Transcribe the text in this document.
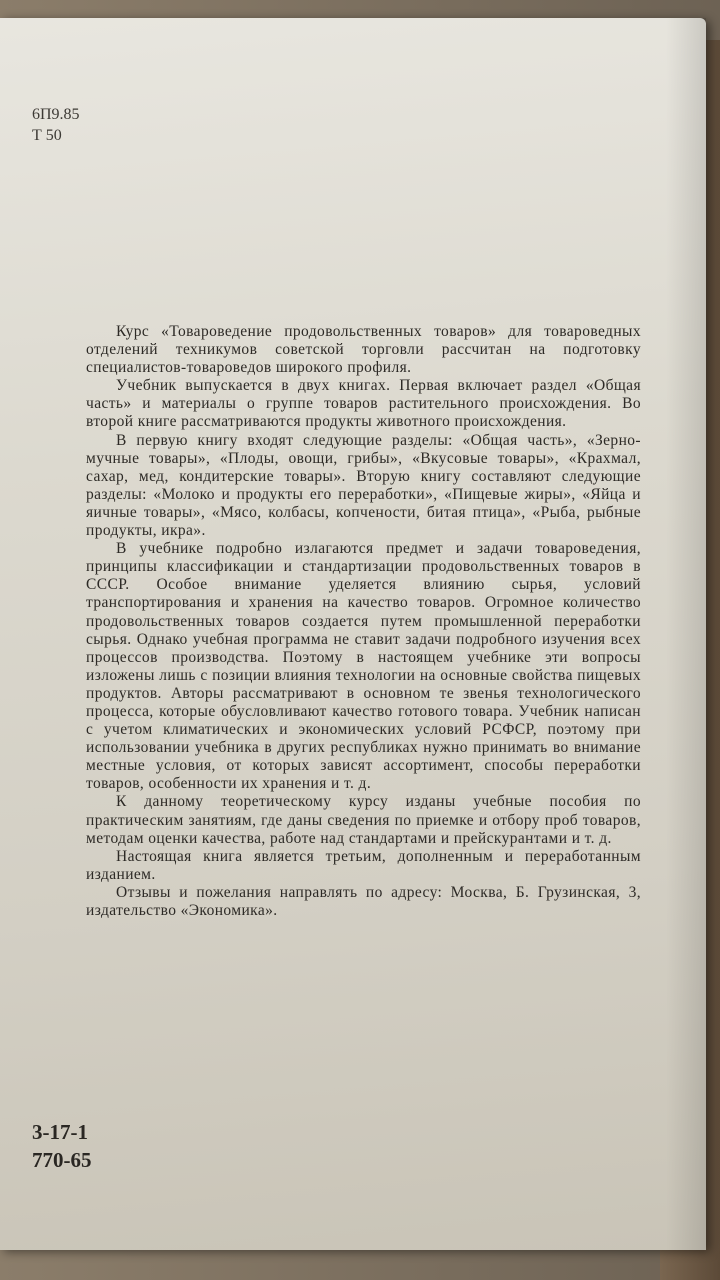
6П9.85
Т 50

Курс «Товароведение продовольственных товаров» для товароведных отделений техникумов советской торговли рассчитан на подготовку специалистов-товароведов широкого профиля.

Учебник выпускается в двух книгах. Первая включает раздел «Общая часть» и материалы о группе товаров растительного происхождения. Во второй книге рассматриваются продукты животного происхождения.

В первую книгу входят следующие разделы: «Общая часть», «Зерно-мучные товары», «Плоды, овощи, грибы», «Вкусовые товары», «Крахмал, сахар, мед, кондитерские товары». Вторую книгу составляют следующие разделы: «Молоко и продукты его переработки», «Пищевые жиры», «Яйца и яичные товары», «Мясо, колбасы, копчености, битая птица», «Рыба, рыбные продукты, икра».

В учебнике подробно излагаются предмет и задачи товароведения, принципы классификации и стандартизации продовольственных товаров в СССР. Особое внимание уделяется влиянию сырья, условий транспортирования и хранения на качество товаров. Огромное количество продовольственных товаров создается путем промышленной переработки сырья. Однако учебная программа не ставит задачи подробного изучения всех процессов производства. Поэтому в настоящем учебнике эти вопросы изложены лишь с позиции влияния технологии на основные свойства пищевых продуктов. Авторы рассматривают в основном те звенья технологического процесса, которые обусловливают качество готового товара. Учебник написан с учетом климатических и экономических условий РСФСР, поэтому при использовании учебника в других республиках нужно принимать во внимание местные условия, от которых зависят ассортимент, способы переработки товаров, особенности их хранения и т. д.

К данному теоретическому курсу изданы учебные пособия по практическим занятиям, где даны сведения по приемке и отбору проб товаров, методам оценки качества, работе над стандартами и прейскурантами и т. д.

Настоящая книга является третьим, дополненным и переработанным изданием.

Отзывы и пожелания направлять по адресу: Москва, Б. Грузинская, 3, издательство «Экономика».

3-17-1
770-65
